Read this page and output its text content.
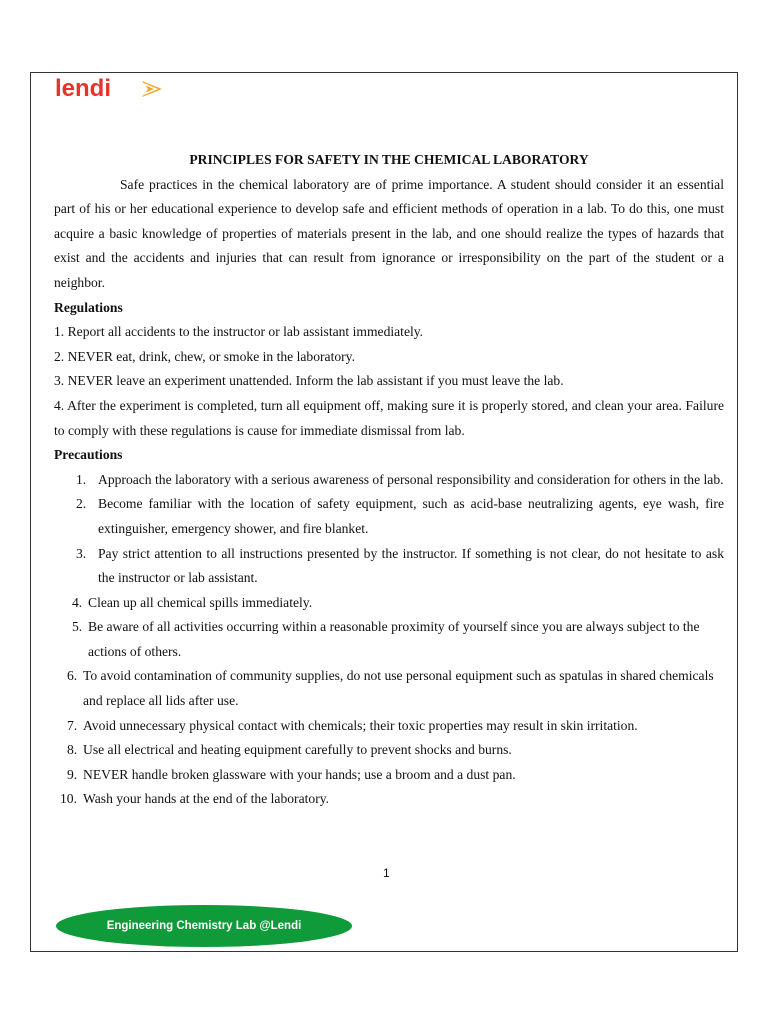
lendi

PRINCIPLES FOR SAFETY IN THE CHEMICAL LABORATORY

Safe practices in the chemical laboratory are of prime importance. A student should consider it an essential part of his or her educational experience to develop safe and efficient methods of operation in a lab. To do this, one must acquire a basic knowledge of properties of materials present in the lab, and one should realize the types of hazards that exist and the accidents and injuries that can result from ignorance or irresponsibility on the part of the student or a neighbor.

Regulations

1. Report all accidents to the instructor or lab assistant immediately.

2. NEVER eat, drink, chew, or smoke in the laboratory.

3. NEVER leave an experiment unattended. Inform the lab assistant if you must leave the lab.

4. After the experiment is completed, turn all equipment off, making sure it is properly stored, and clean your area. Failure to comply with these regulations is cause for immediate dismissal from lab.

Precautions

1. Approach the laboratory with a serious awareness of personal responsibility and consideration for others in the lab.
2. Become familiar with the location of safety equipment, such as acid-base neutralizing agents, eye wash, fire extinguisher, emergency shower, and fire blanket.
3. Pay strict attention to all instructions presented by the instructor. If something is not clear, do not hesitate to ask the instructor or lab assistant.
4. Clean up all chemical spills immediately.
5. Be aware of all activities occurring within a reasonable proximity of yourself since you are always subject to the actions of others.
6. To avoid contamination of community supplies, do not use personal equipment such as spatulas in shared chemicals and replace all lids after use.
7. Avoid unnecessary physical contact with chemicals; their toxic properties may result in skin irritation.
8. Use all electrical and heating equipment carefully to prevent shocks and burns.
9. NEVER handle broken glassware with your hands; use a broom and a dust pan.
10. Wash your hands at the end of the laboratory.
1
Engineering Chemistry Lab @Lendi
